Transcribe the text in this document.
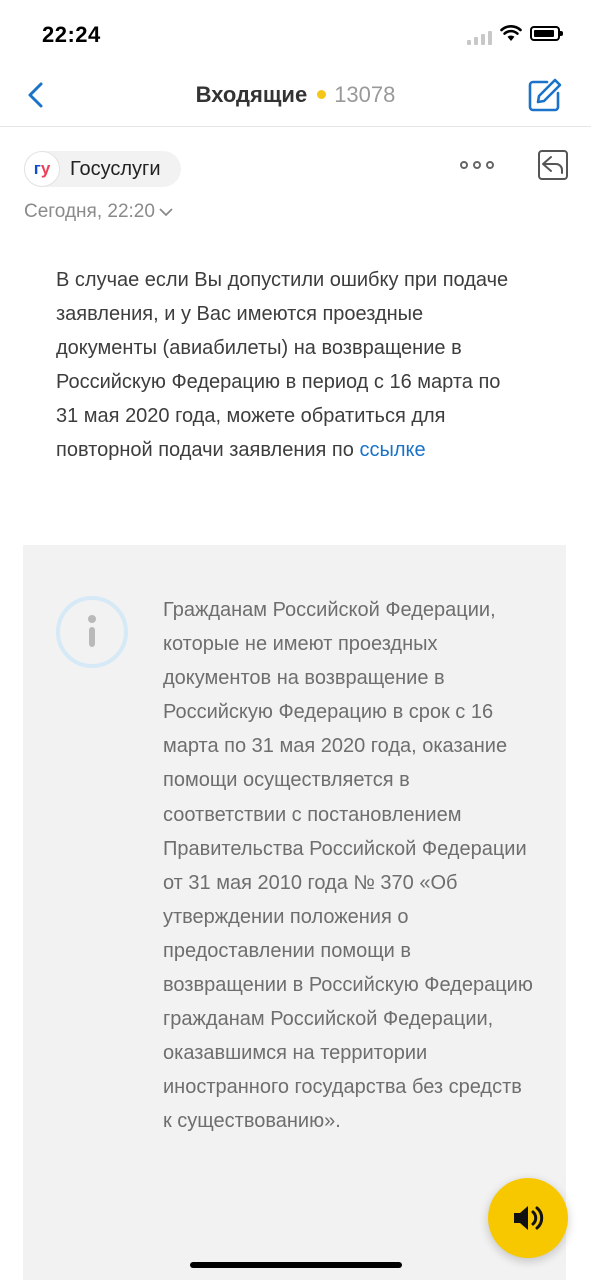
22:24
Входящие 13078
г у Госуслуги
Сегодня, 22:20
В случае если Вы допустили ошибку при подаче заявления, и у Вас имеются проездные документы (авиабилеты) на возвращение в Российскую Федерацию в период с 16 марта по 31 мая 2020 года, можете обратиться для повторной подачи заявления по ссылке
Гражданам Российской Федерации, которые не имеют проездных документов на возвращение в Российскую Федерацию в срок с 16 марта по 31 мая 2020 года, оказание помощи осуществляется в соответствии с постановлением Правительства Российской Федерации от 31 мая 2010 года № 370 «Об утверждении положения о предоставлении помощи в возвращении в Российскую Федерацию гражданам Российской Федерации, оказавшимся на территории иностранного государства без средств к существованию».
